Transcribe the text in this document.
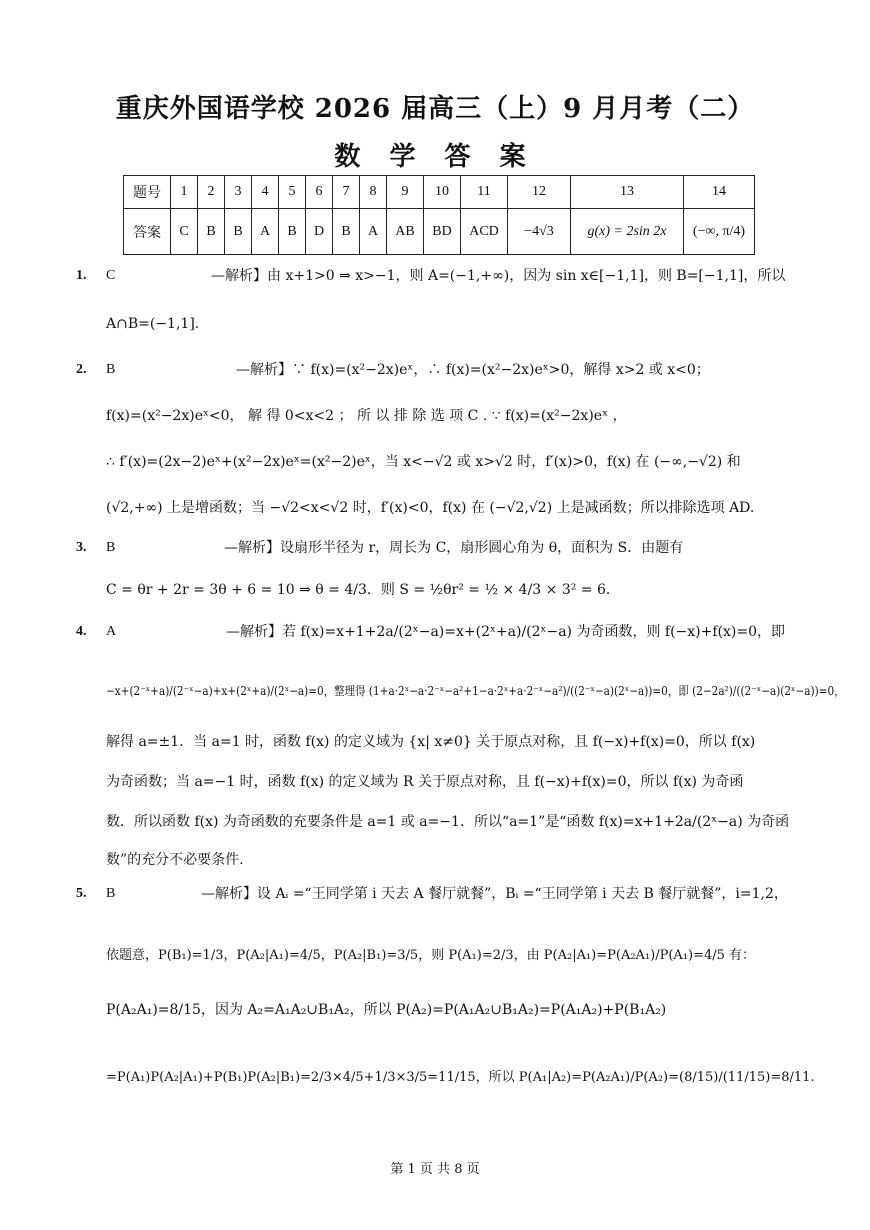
重庆外国语学校 2026 届高三（上）9 月月考（二）
数 学 答 案
题号	1	2	3	4	5	6	7	8	9	10	11	12	13	14
答案	C	B	B	A	B	D	B	A	AB	BD	ACD	−4√3	g(x) = 2sin 2x	(−∞, π/4)
1. C	—解析】由 x+1>0 ⇒ x>−1，则 A=(−1,+∞)，因为 sin x∈[−1,1]，则 B=[−1,1]，所以
A∩B=(−1,1].
2. B	—解析】∵ f(x)=(x²−2x)eˣ，∴ f(x)=(x²−2x)eˣ>0，解得 x>2 或 x<0；
f(x)=(x²−2x)eˣ<0， 解 得 0<x<2 ； 所 以 排 除 选 项 C . ∵ f(x)=(x²−2x)eˣ ，
∴ f′(x)=(2x−2)eˣ+(x²−2x)eˣ=(x²−2)eˣ，当 x<−√2 或 x>√2 时，f′(x)>0，f(x) 在 (−∞,−√2) 和
(√2,+∞) 上是增函数；当 −√2<x<√2 时，f′(x)<0，f(x) 在 (−√2,√2) 上是减函数；所以排除选项 AD.
3. B	—解析】设扇形半径为 r，周长为 C，扇形圆心角为 θ，面积为 S．由题有
C = θr + 2r = 3θ + 6 = 10 ⇒ θ = 4/3．则 S = ½θr² = ½ × 4/3 × 3² = 6．
4. A	—解析】若 f(x)=x+1+2a/(2ˣ−a)=x+(2ˣ+a)/(2ˣ−a) 为奇函数，则 f(−x)+f(x)=0，即
−x+(2⁻ˣ+a)/(2⁻ˣ−a)+x+(2ˣ+a)/(2ˣ−a)=0，整理得 (1+a·2ˣ−a·2⁻ˣ−a²+1−a·2ˣ+a·2⁻ˣ−a²)/((2⁻ˣ−a)(2ˣ−a))=0，即 (2−2a²)/((2⁻ˣ−a)(2ˣ−a))=0，
解得 a=±1．当 a=1 时，函数 f(x) 的定义域为 {x| x≠0} 关于原点对称，且 f(−x)+f(x)=0，所以 f(x)
为奇函数；当 a=−1 时，函数 f(x) 的定义域为 R 关于原点对称，且 f(−x)+f(x)=0，所以 f(x) 为奇函
数．所以函数 f(x) 为奇函数的充要条件是 a=1 或 a=−1．所以“a=1”是“函数 f(x)=x+1+2a/(2ˣ−a) 为奇函
数”的充分不必要条件.
5. B	—解析】设 Aᵢ =“王同学第 i 天去 A 餐厅就餐”，Bᵢ =“王同学第 i 天去 B 餐厅就餐”，i=1,2，
依题意，P(B₁)=1/3，P(A₂|A₁)=4/5，P(A₂|B₁)=3/5，则 P(A₁)=2/3，由 P(A₂|A₁)=P(A₂A₁)/P(A₁)=4/5 有：
P(A₂A₁)=8/15，因为 A₂=A₁A₂∪B₁A₂，所以 P(A₂)=P(A₁A₂∪B₁A₂)=P(A₁A₂)+P(B₁A₂)
=P(A₁)P(A₂|A₁)+P(B₁)P(A₂|B₁)=2/3×4/5+1/3×3/5=11/15，所以 P(A₁|A₂)=P(A₂A₁)/P(A₂)=(8/15)/(11/15)=8/11.
第 1 页 共 8 页
